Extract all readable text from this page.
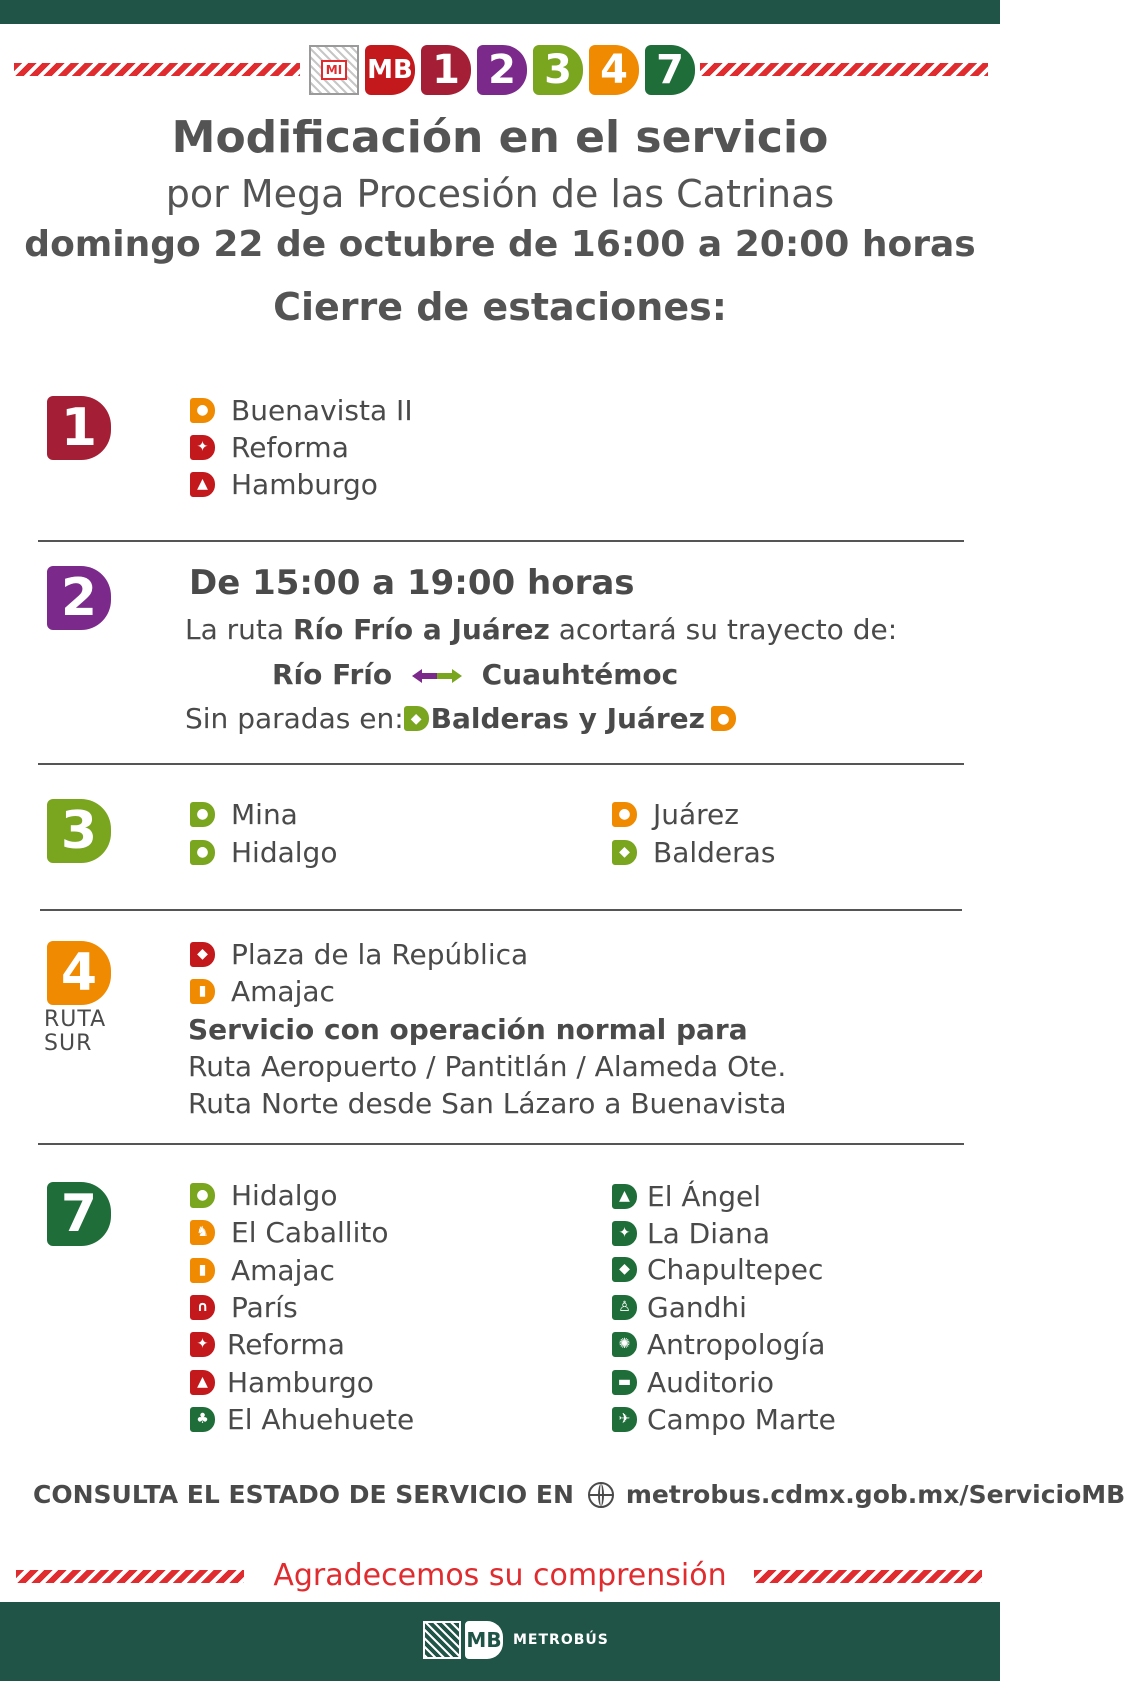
MI MB 1 2 3 4 7
Modificación en el servicio
por Mega Procesión de las Catrinas
domingo 22 de octubre de 16:00 a 20:00 horas
Cierre de estaciones:
1	● Buenavista II
✦ Reforma
▲ Hamburgo
2	De 15:00 a 19:00 horas
La ruta Río Frío a Juárez acortará su trayecto de:
Río Frío	Cuauhtémoc
Sin paradas en: ◆ Balderas y Juárez ●
3	● Mina
● Hidalgo
● Juárez
◆ Balderas
4
RUTA
SUR
◆ Plaza de la República
▮ Amajac
Servicio con operación normal para
Ruta Aeropuerto / Pantitlán / Alameda Ote.
Ruta Norte desde San Lázaro a Buenavista
7	● Hidalgo
♞ El Caballito
▮ Amajac
∩ París
✦ Reforma
▲ Hamburgo
♣ El Ahuehuete
▲ El Ángel
✦ La Diana
◆ Chapultepec
♙ Gandhi
✺ Antropología
▬ Auditorio
✈ Campo Marte
CONSULTA EL ESTADO DE SERVICIO EN metrobus.cdmx.gob.mx/ServicioMB
Agradecemos su comprensión
MB METROBÚS
